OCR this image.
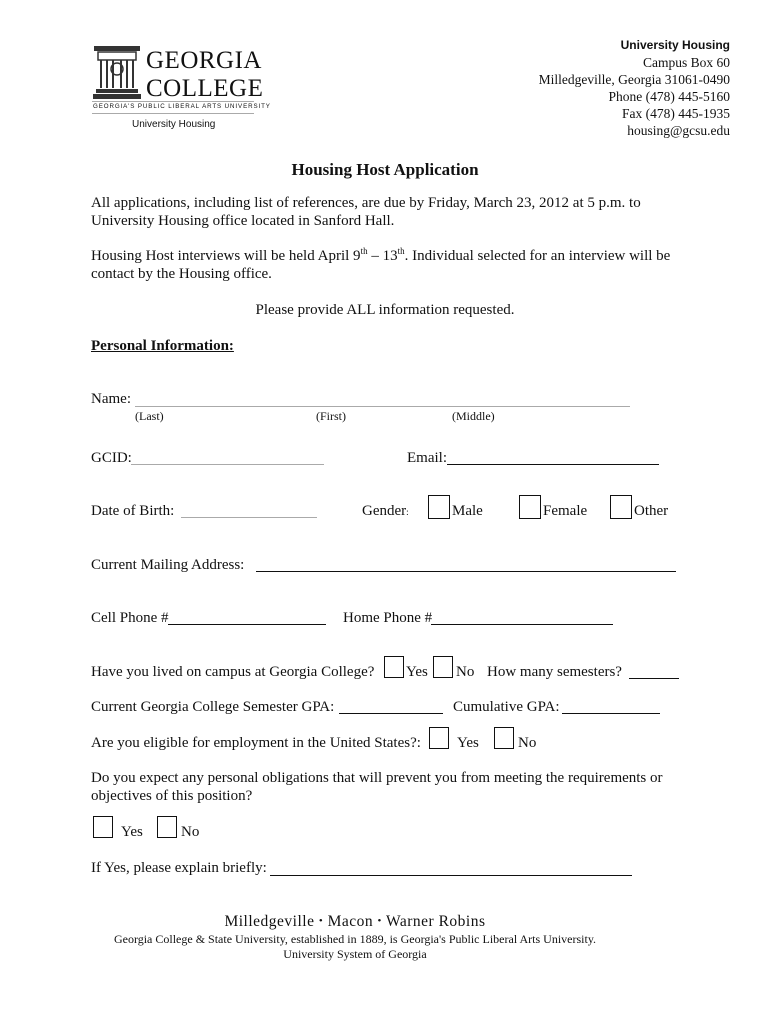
GEORGIA
COLLEGE
GEORGIA'S PUBLIC LIBERAL ARTS UNIVERSITY
University Housing
University Housing
Campus Box 60
Milledgeville, Georgia 31061-0490
Phone (478) 445-5160
Fax (478) 445-1935
housing@gcsu.edu
Housing Host Application
All applications, including list of references, are due by Friday, March 23, 2012 at 5 p.m. to
University Housing office located in Sanford Hall.
Housing Host interviews will be held April 9th – 13th. Individual selected for an interview will be
contact by the Housing office.
Please provide ALL information requested.
Personal Information:
Name:
(Last)	(First)	(Middle)
GCID:	Email:
Date of Birth:	Gender:	Male	Female	Other
Current Mailing Address:
Cell Phone #	Home Phone #
Have you lived on campus at Georgia College? Yes No How many semesters?
Current Georgia College Semester GPA:	Cumulative GPA:
Are you eligible for employment in the United States?: Yes	No
Do you expect any personal obligations that will prevent you from meeting the requirements or
objectives of this position?
Yes	No
If Yes, please explain briefly:
Milledgeville • Macon • Warner Robins
Georgia College & State University, established in 1889, is Georgia's Public Liberal Arts University.
University System of Georgia
